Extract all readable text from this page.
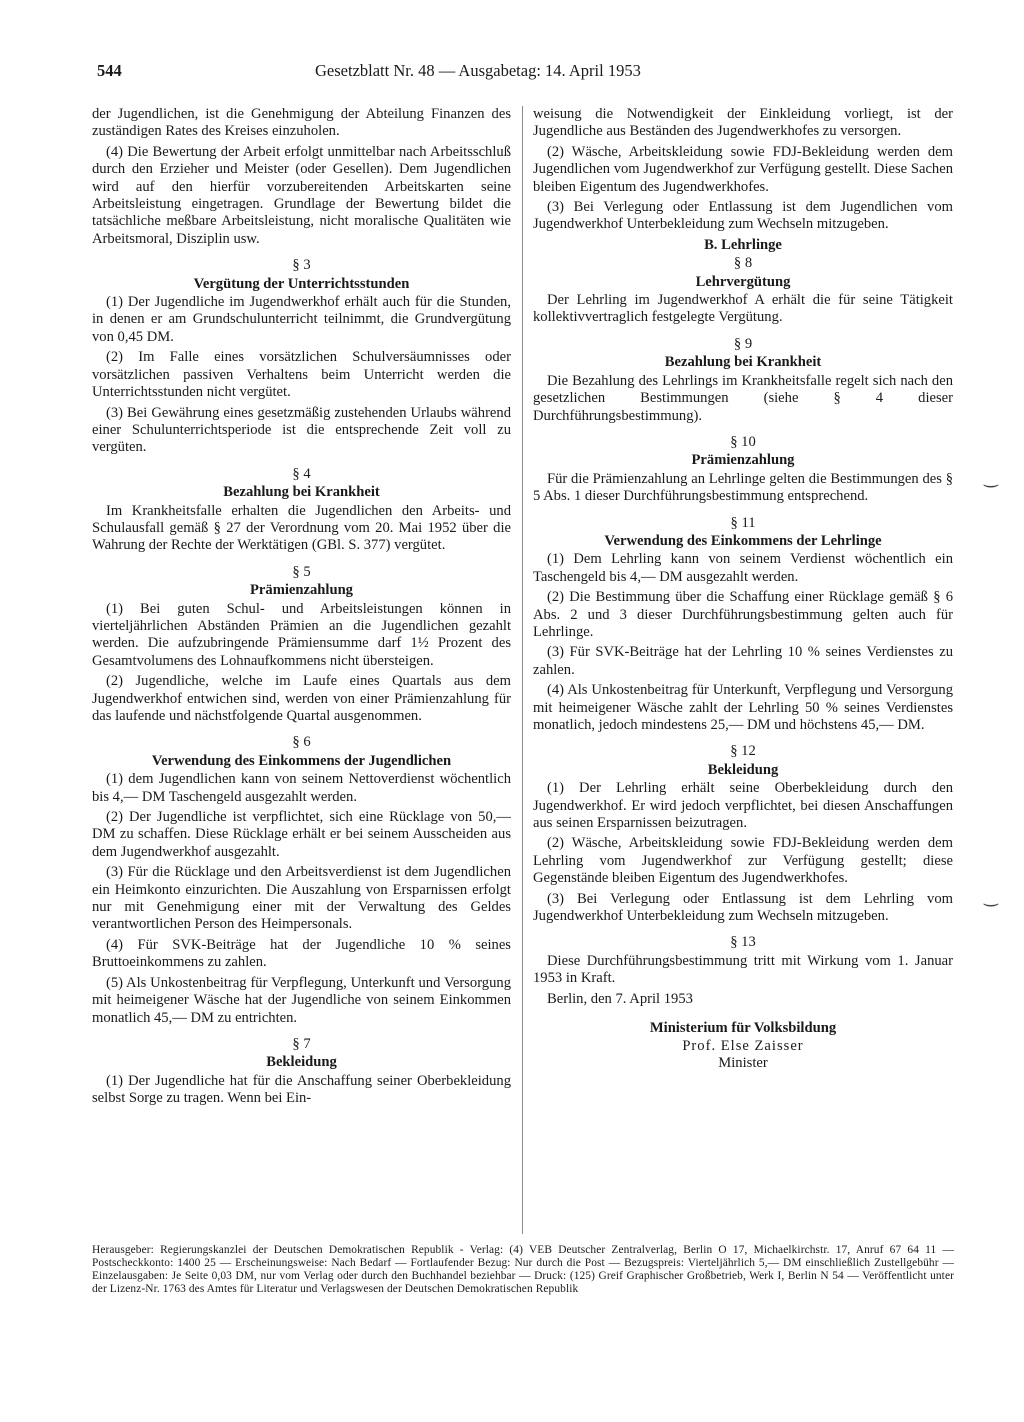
544	Gesetzblatt Nr. 48 — Ausgabetag: 14. April 1953

der Jugendlichen, ist die Genehmigung der Abteilung Finanzen des zuständigen Rates des Kreises einzuholen.

(4) Die Bewertung der Arbeit erfolgt unmittelbar nach Arbeitsschluß durch den Erzieher und Meister (oder Gesellen). Dem Jugendlichen wird auf den hierfür vorzubereitenden Arbeitskarten seine Arbeitsleistung eingetragen. Grundlage der Bewertung bildet die tatsächliche meßbare Arbeitsleistung, nicht moralische Qualitäten wie Arbeitsmoral, Disziplin usw.

§ 3
Vergütung der Unterrichtsstunden

(1) Der Jugendliche im Jugendwerkhof erhält auch für die Stunden, in denen er am Grundschulunterricht teilnimmt, die Grundvergütung von 0,45 DM.

(2) Im Falle eines vorsätzlichen Schulversäumnisses oder vorsätzlichen passiven Verhaltens beim Unterricht werden die Unterrichtsstunden nicht vergütet.

(3) Bei Gewährung eines gesetzmäßig zustehenden Urlaubs während einer Schulunterrichtsperiode ist die entsprechende Zeit voll zu vergüten.

§ 4
Bezahlung bei Krankheit

Im Krankheitsfalle erhalten die Jugendlichen den Arbeits- und Schulausfall gemäß § 27 der Verordnung vom 20. Mai 1952 über die Wahrung der Rechte der Werktätigen (GBl. S. 377) vergütet.

§ 5
Prämienzahlung

(1) Bei guten Schul- und Arbeitsleistungen können in vierteljährlichen Abständen Prämien an die Jugendlichen gezahlt werden. Die aufzubringende Prämiensumme darf 1½ Prozent des Gesamtvolumens des Lohnaufkommens nicht übersteigen.

(2) Jugendliche, welche im Laufe eines Quartals aus dem Jugendwerkhof entwichen sind, werden von einer Prämienzahlung für das laufende und nächstfolgende Quartal ausgenommen.

§ 6
Verwendung des Einkommens der Jugendlichen

(1) dem Jugendlichen kann von seinem Nettoverdienst wöchentlich bis 4,— DM Taschengeld ausgezahlt werden.

(2) Der Jugendliche ist verpflichtet, sich eine Rücklage von 50,— DM zu schaffen. Diese Rücklage erhält er bei seinem Ausscheiden aus dem Jugendwerkhof ausgezahlt.

(3) Für die Rücklage und den Arbeitsverdienst ist dem Jugendlichen ein Heimkonto einzurichten. Die Auszahlung von Ersparnissen erfolgt nur mit Genehmigung einer mit der Verwaltung des Geldes verantwortlichen Person des Heimpersonals.

(4) Für SVK-Beiträge hat der Jugendliche 10 % seines Bruttoeinkommens zu zahlen.

(5) Als Unkostenbeitrag für Verpflegung, Unterkunft und Versorgung mit heimeigener Wäsche hat der Jugendliche von seinem Einkommen monatlich 45,— DM zu entrichten.

§ 7
Bekleidung

(1) Der Jugendliche hat für die Anschaffung seiner Oberbekleidung selbst Sorge zu tragen. Wenn bei Ein-

weisung die Notwendigkeit der Einkleidung vorliegt, ist der Jugendliche aus Beständen des Jugendwerkhofes zu versorgen.

(2) Wäsche, Arbeitskleidung sowie FDJ-Bekleidung werden dem Jugendlichen vom Jugendwerkhof zur Verfügung gestellt. Diese Sachen bleiben Eigentum des Jugendwerkhofes.

(3) Bei Verlegung oder Entlassung ist dem Jugendlichen vom Jugendwerkhof Unterbekleidung zum Wechseln mitzugeben.

B. Lehrlinge
§ 8
Lehrvergütung

Der Lehrling im Jugendwerkhof A erhält die für seine Tätigkeit kollektivvertraglich festgelegte Vergütung.

§ 9
Bezahlung bei Krankheit

Die Bezahlung des Lehrlings im Krankheitsfalle regelt sich nach den gesetzlichen Bestimmungen (siehe § 4 dieser Durchführungsbestimmung).

§ 10
Prämienzahlung

Für die Prämienzahlung an Lehrlinge gelten die Bestimmungen des § 5 Abs. 1 dieser Durchführungsbestimmung entsprechend.

§ 11
Verwendung des Einkommens der Lehrlinge

(1) Dem Lehrling kann von seinem Verdienst wöchentlich ein Taschengeld bis 4,— DM ausgezahlt werden.

(2) Die Bestimmung über die Schaffung einer Rücklage gemäß § 6 Abs. 2 und 3 dieser Durchführungsbestimmung gelten auch für Lehrlinge.

(3) Für SVK-Beiträge hat der Lehrling 10 % seines Verdienstes zu zahlen.

(4) Als Unkostenbeitrag für Unterkunft, Verpflegung und Versorgung mit heimeigener Wäsche zahlt der Lehrling 50 % seines Verdienstes monatlich, jedoch mindestens 25,— DM und höchstens 45,— DM.

§ 12
Bekleidung

(1) Der Lehrling erhält seine Oberbekleidung durch den Jugendwerkhof. Er wird jedoch verpflichtet, bei diesen Anschaffungen aus seinen Ersparnissen beizutragen.

(2) Wäsche, Arbeitskleidung sowie FDJ-Bekleidung werden dem Lehrling vom Jugendwerkhof zur Verfügung gestellt; diese Gegenstände bleiben Eigentum des Jugendwerkhofes.

(3) Bei Verlegung oder Entlassung ist dem Lehrling vom Jugendwerkhof Unterbekleidung zum Wechseln mitzugeben.

§ 13

Diese Durchführungsbestimmung tritt mit Wirkung vom 1. Januar 1953 in Kraft.

Berlin, den 7. April 1953

Ministerium für Volksbildung
Prof. Else Zaisser
Minister
Herausgeber: Regierungskanzlei der Deutschen Demokratischen Republik - Verlag: (4) VEB Deutscher Zentralverlag, Berlin O 17, Michaelkirchstr. 17, Anruf 67 64 11 — Postscheckkonto: 1400 25 — Erscheinungsweise: Nach Bedarf — Fortlaufender Bezug: Nur durch die Post — Bezugspreis: Vierteljährlich 5,— DM einschließlich Zustellgebühr — Einzelausgaben: Je Seite 0,03 DM, nur vom Verlag oder durch den Buchhandel beziehbar — Druck: (125) Greif Graphischer Großbetrieb, Werk I, Berlin N 54 — Veröffentlicht unter der Lizenz-Nr. 1763 des Amtes für Literatur und Verlagswesen der Deutschen Demokratischen Republik
⌣
⌣
